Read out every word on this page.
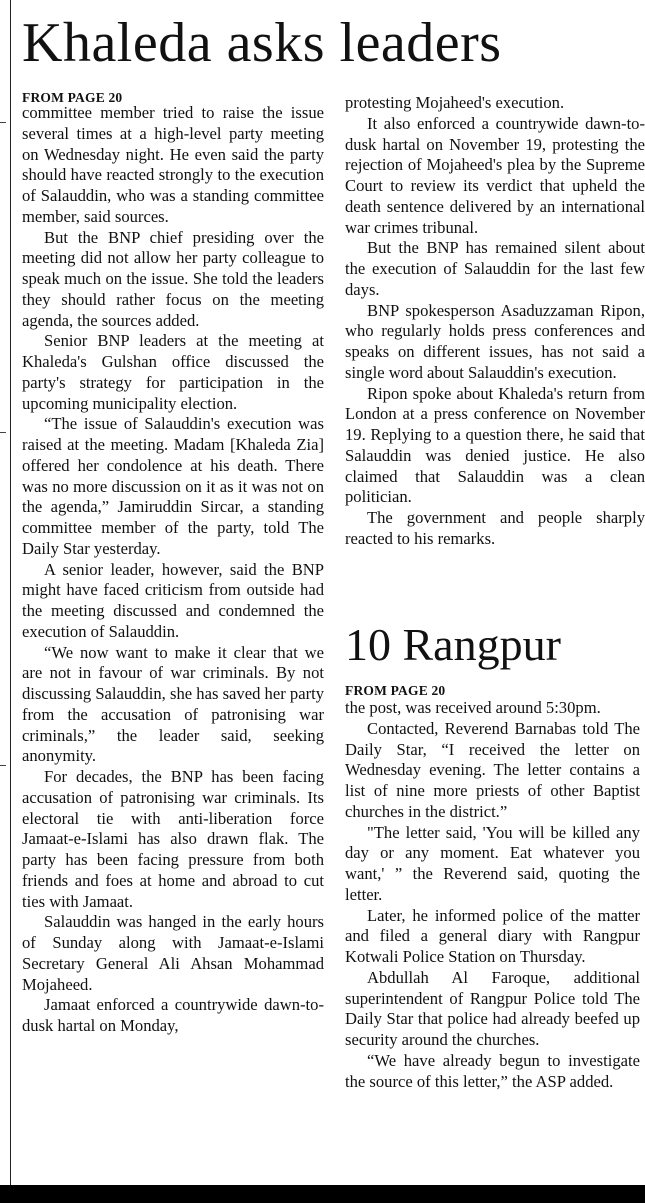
Khaleda asks leaders
FROM PAGE 20

committee member tried to raise the issue several times at a high-level party meeting on Wednesday night. He even said the party should have reacted strongly to the execution of Salauddin, who was a standing committee member, said sources.

But the BNP chief presiding over the meeting did not allow her party colleague to speak much on the issue. She told the leaders they should rather focus on the meeting agenda, the sources added.

Senior BNP leaders at the meeting at Khaleda's Gulshan office discussed the party's strategy for participation in the upcoming municipality election.

“The issue of Salauddin's execution was raised at the meeting. Madam [Khaleda Zia] offered her condolence at his death. There was no more discussion on it as it was not on the agenda,” Jamiruddin Sircar, a standing committee member of the party, told The Daily Star yesterday.

A senior leader, however, said the BNP might have faced criticism from outside had the meeting discussed and condemned the execution of Salauddin.

“We now want to make it clear that we are not in favour of war criminals. By not discussing Salauddin, she has saved her party from the accusation of patronising war criminals,” the leader said, seeking anonymity.

For decades, the BNP has been facing accusation of patronising war criminals. Its electoral tie with anti-liberation force Jamaat-e-Islami has also drawn flak. The party has been facing pressure from both friends and foes at home and abroad to cut ties with Jamaat.

Salauddin was hanged in the early hours of Sunday along with Jamaat-e-Islami Secretary General Ali Ahsan Mohammad Mojaheed.

Jamaat enforced a countrywide dawn-to-dusk hartal on Monday,

protesting Mojaheed's execution.

It also enforced a countrywide dawn-to-dusk hartal on November 19, protesting the rejection of Mojaheed's plea by the Supreme Court to review its verdict that upheld the death sentence delivered by an international war crimes tribunal.

But the BNP has remained silent about the execution of Salauddin for the last few days.

BNP spokesperson Asaduzzaman Ripon, who regularly holds press conferences and speaks on different issues, has not said a single word about Salauddin's execution.

Ripon spoke about Khaleda's return from London at a press conference on November 19. Replying to a question there, he said that Salauddin was denied justice. He also claimed that Salauddin was a clean politician.

The government and people sharply reacted to his remarks.

10 Rangpur
FROM PAGE 20

the post, was received around 5:30pm.

Contacted, Reverend Barnabas told The Daily Star, “I received the letter on Wednesday evening. The letter contains a list of nine more priests of other Baptist churches in the district.”

"The letter said, 'You will be killed any day or any moment. Eat whatever you want,' ” the Reverend said, quoting the letter.

Later, he informed police of the matter and filed a general diary with Rangpur Kotwali Police Station on Thursday.

Abdullah Al Faroque, additional superintendent of Rangpur Police told The Daily Star that police had already beefed up security around the churches.

“We have already begun to investigate the source of this letter,” the ASP added.
